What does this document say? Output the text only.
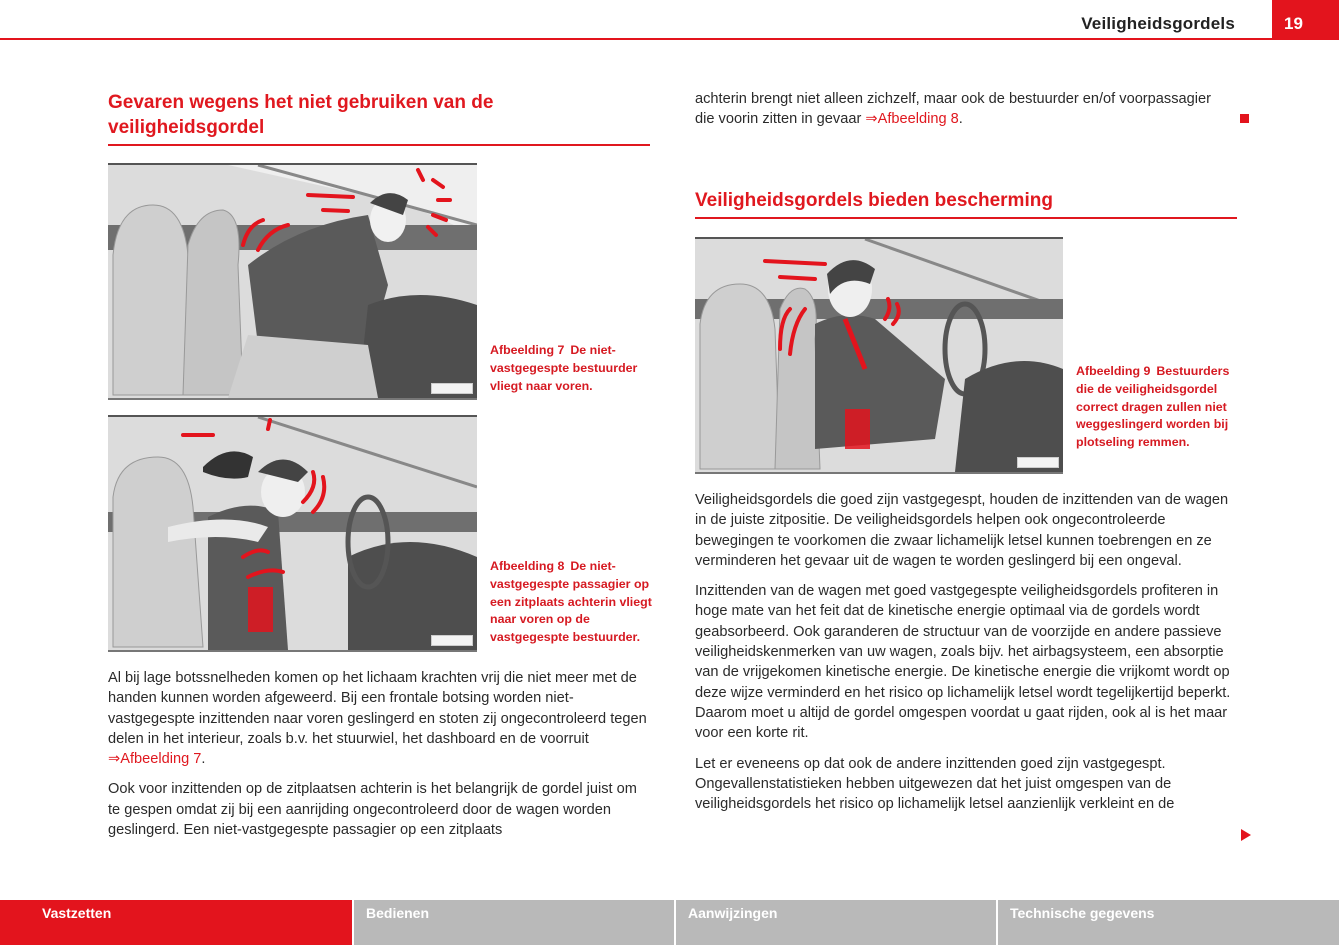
Veiligheidsgordels	19
Gevaren wegens het niet gebruiken van de veiligheidsgordel
Afbeelding 7 De niet-vastgegespte bestuurder vliegt naar voren.
Afbeelding 8 De niet-vastgegespte passagier op een zitplaats achterin vliegt naar voren op de vastgegespte bestuurder.

Al bij lage botssnelheden komen op het lichaam krachten vrij die niet meer met de handen kunnen worden afgeweerd. Bij een frontale botsing worden niet-vastgegespte inzittenden naar voren geslingerd en stoten zij ongecontroleerd tegen delen in het interieur, zoals b.v. het stuurwiel, het dashboard en de voorruit ⇒Afbeelding 7.

Ook voor inzittenden op de zitplaatsen achterin is het belangrijk de gordel juist om te gespen omdat zij bij een aanrijding ongecontroleerd door de wagen worden geslingerd. Een niet-vastgegespte passagier op een zitplaats

achterin brengt niet alleen zichzelf, maar ook de bestuurder en/of voorpassagier die voorin zitten in gevaar ⇒Afbeelding 8.

Veiligheidsgordels bieden bescherming
Afbeelding 9 Bestuurders die de veiligheidsgordel correct dragen zullen niet weggeslingerd worden bij plotseling remmen.

Veiligheidsgordels die goed zijn vastgegespt, houden de inzittenden van de wagen in de juiste zitpositie. De veiligheidsgordels helpen ook ongecontroleerde bewegingen te voorkomen die zwaar lichamelijk letsel kunnen toebrengen en ze verminderen het gevaar uit de wagen te worden geslingerd bij een ongeval.

Inzittenden van de wagen met goed vastgegespte veiligheidsgordels profiteren in hoge mate van het feit dat de kinetische energie optimaal via de gordels wordt geabsorbeerd. Ook garanderen de structuur van de voorzijde en andere passieve veiligheidskenmerken van uw wagen, zoals bijv. het airbagsysteem, een absorptie van de vrijgekomen kinetische energie. De kinetische energie die vrijkomt wordt op deze wijze verminderd en het risico op lichamelijk letsel wordt tegelijkertijd beperkt. Daarom moet u altijd de gordel omgespen voordat u gaat rijden, ook al is het maar voor een korte rit.

Let er eveneens op dat ook de andere inzittenden goed zijn vastgegespt. Ongevallenstatistieken hebben uitgewezen dat het juist omgespen van de veiligheidsgordels het risico op lichamelijk letsel aanzienlijk verkleint en de

Vastzetten	Bedienen	Aanwijzingen	Technische gegevens
